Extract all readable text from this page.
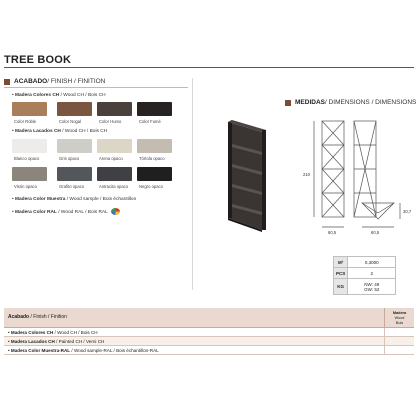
TREE BOOK
ACABADO / FINISH / FINITION
• Madera Colores CH / Wood CH / Bois CH
Color Roble	Color Nogal	Color Humo	Color Fumé
• Madera Lacados CH / Wood CH / Bois CH
Blanco opaco	Gris opaco	Arena opaco	Tórtola opaco
Visón opaco	Grafito opaco	Antracita opaco	Negro opaco
• Madera Color Muestra / Wood sample / Bois échantillon
• Madera Color RAL / Wood RAL / Bois RAL
MEDIDAS / DIMENSIONS / DIMENSIONS
210
60,5	60,5
30,7
M³	0,3000
PCS	2
KG	NW: 49
GW: 52
Acabado / Finish / Finition
Madera
Wood
Bois
• Madera Colores CH / Wood CH / Bois CH
• Madera Lacados CH / Painted CH / Verni CH
• Madera Color Muestra-RAL / Wood sample-RAL / Bois échantillon-RAL
